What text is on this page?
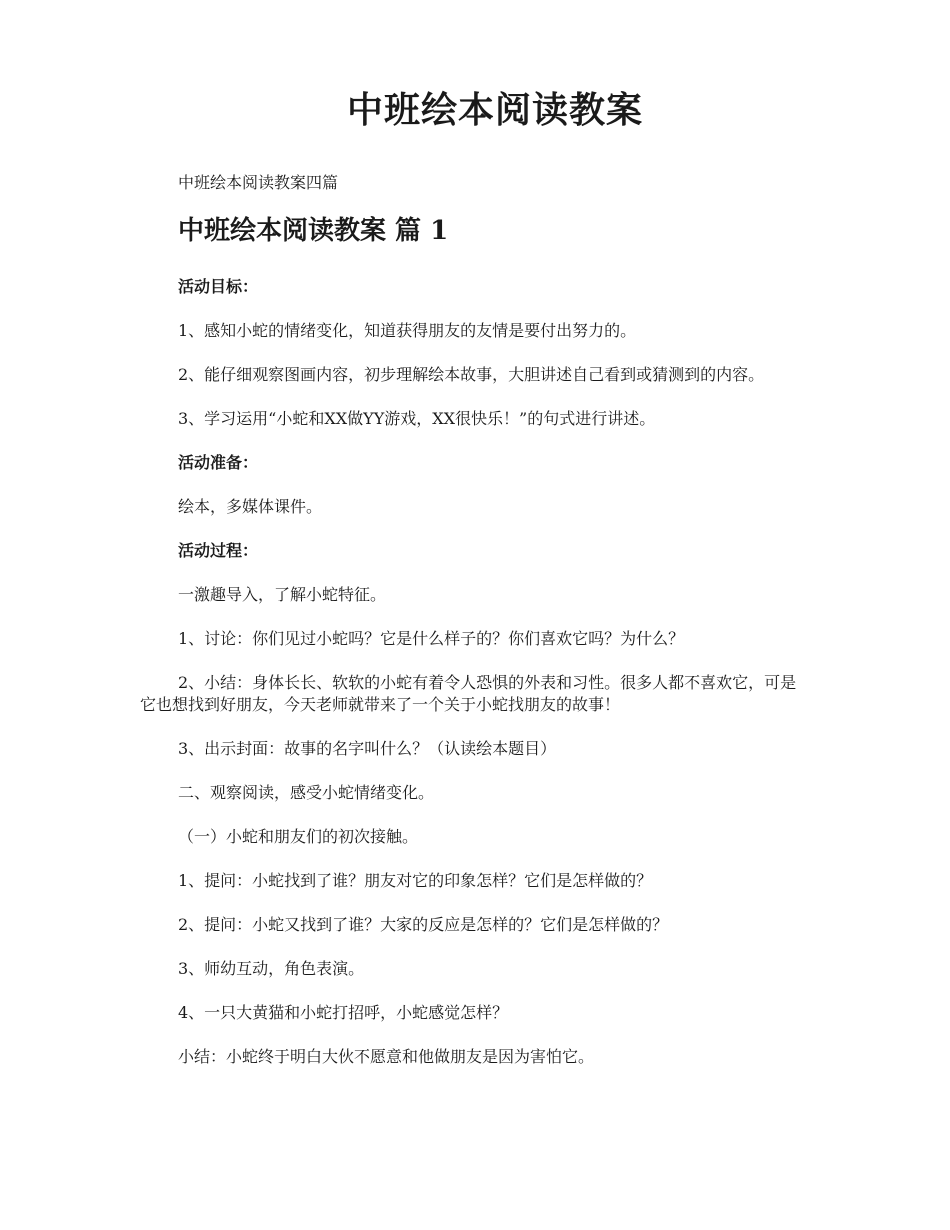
中班绘本阅读教案

中班绘本阅读教案四篇

中班绘本阅读教案 篇 1

活动目标：

1、感知小蛇的情绪变化，知道获得朋友的友情是要付出努力的。

2、能仔细观察图画内容，初步理解绘本故事，大胆讲述自己看到或猜测到的内容。

3、学习运用“小蛇和XX做YY游戏，XX很快乐！”的句式进行讲述。

活动准备：

绘本，多媒体课件。

活动过程：

一激趣导入，了解小蛇特征。

1、讨论：你们见过小蛇吗？它是什么样子的？你们喜欢它吗？为什么？

2、小结：身体长长、软软的小蛇有着令人恐惧的外表和习性。很多人都不喜欢它，可是它也想找到好朋友，今天老师就带来了一个关于小蛇找朋友的故事！

3、出示封面：故事的名字叫什么？（认读绘本题目）

二、观察阅读，感受小蛇情绪变化。

（一）小蛇和朋友们的初次接触。

1、提问：小蛇找到了谁？朋友对它的印象怎样？它们是怎样做的？

2、提问：小蛇又找到了谁？大家的反应是怎样的？它们是怎样做的？

3、师幼互动，角色表演。

4、一只大黄猫和小蛇打招呼，小蛇感觉怎样？

小结：小蛇终于明白大伙不愿意和他做朋友是因为害怕它。
